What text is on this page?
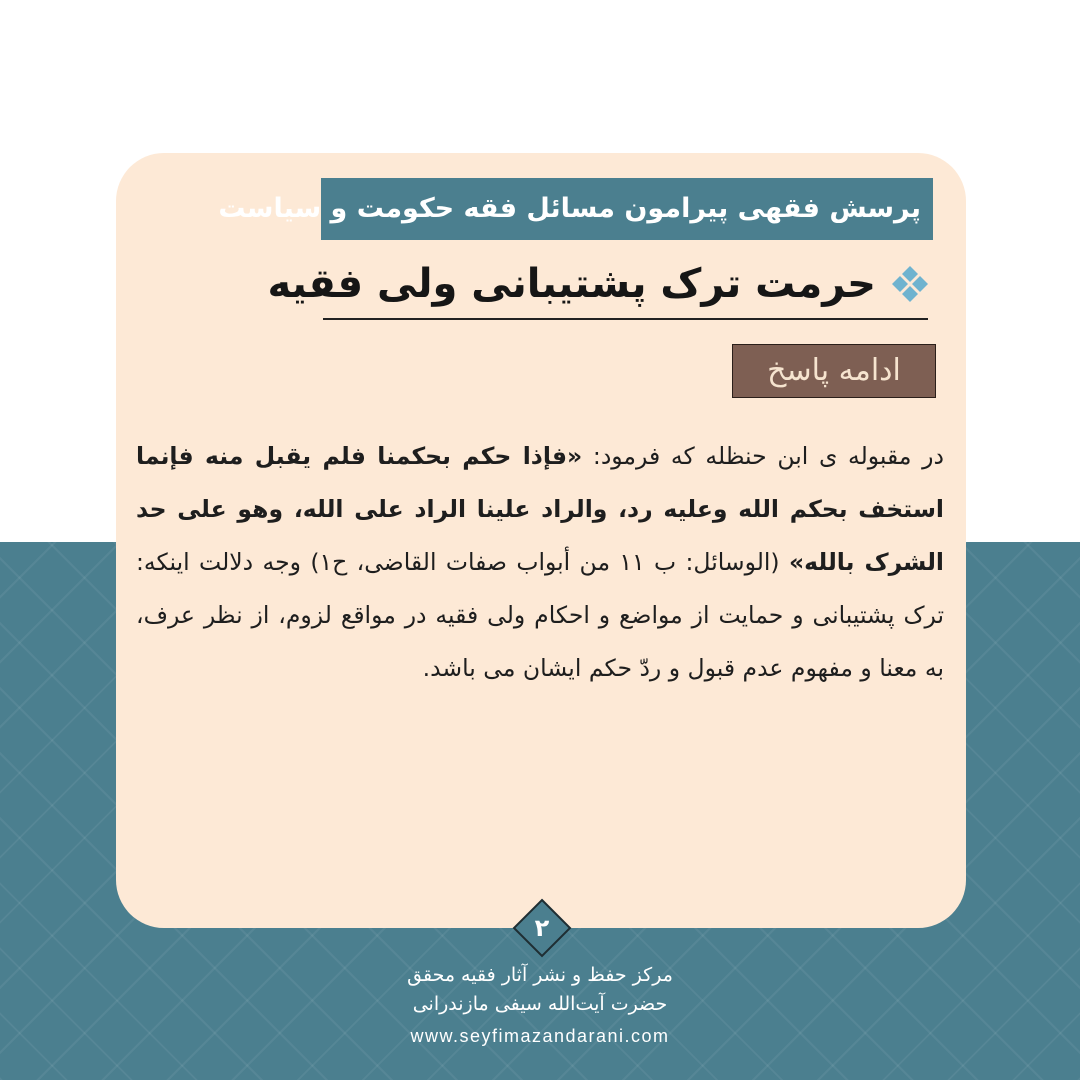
پرسش فقهی پیرامون مسائل فقه حکومت و سیاست
حرمت ترک پشتیبانی ولی فقیه
ادامه پاسخ
در مقبوله ی ابن حنظله که فرمود: «فإذا حکم بحکمنا فلم یقبل منه فإنما استخف بحکم الله وعلیه رد، والراد علینا الراد علی الله، وهو علی حد الشرک بالله» (الوسائل: ب ۱۱ من أبواب صفات القاضی، ح۱) وجه دلالت اینکه: ترک پشتیبانی و حمایت از مواضع و احکام ولی فقیه در مواقع لزوم، از نظر عرف، به معنا و مفهوم عدم قبول و ردّ حکم ایشان می باشد.
۲
مرکز حفظ و نشر آثار فقیه محقق
حضرت آیت‌الله سیفی مازندرانی
www.seyfimazandarani.com
